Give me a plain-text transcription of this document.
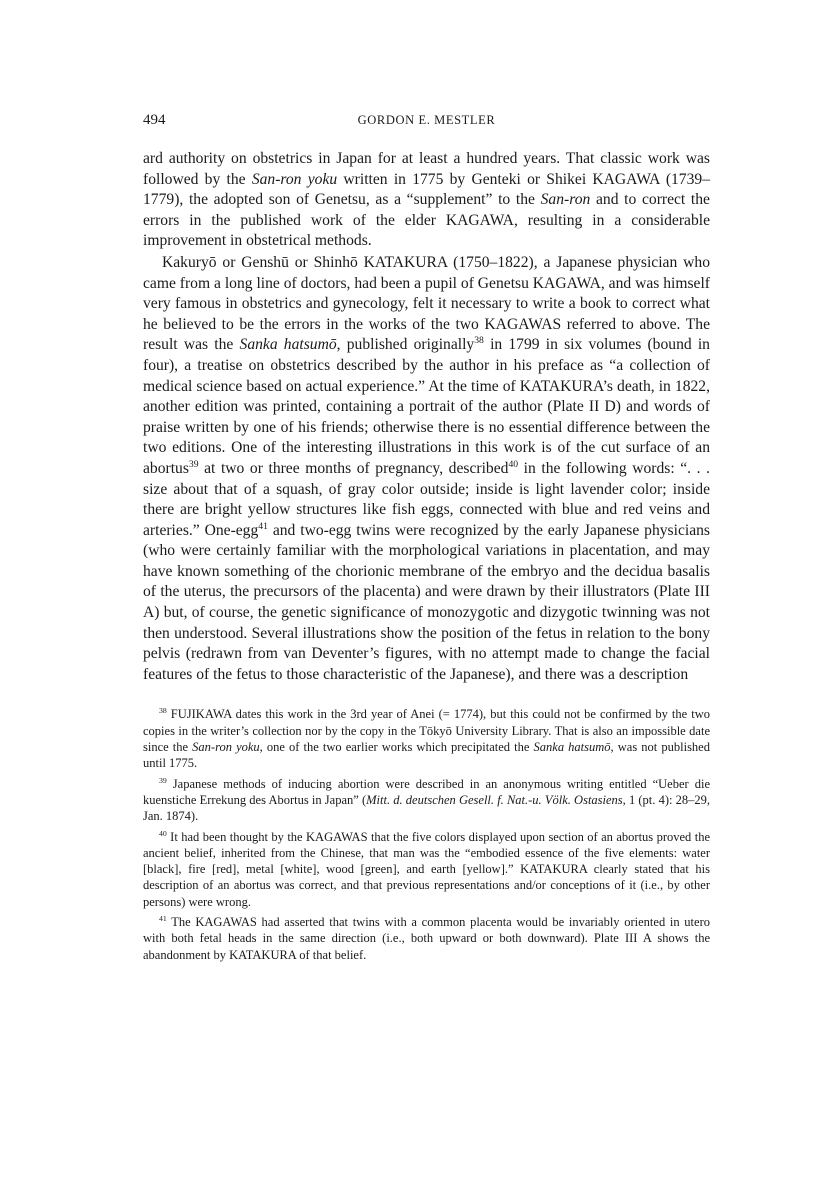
494	GORDON E. MESTLER

ard authority on obstetrics in Japan for at least a hundred years. That classic work was followed by the San-ron yoku written in 1775 by Genteki or Shikei KAGAWA (1739–1779), the adopted son of Genetsu, as a “supplement” to the San-ron and to correct the errors in the published work of the elder KAGAWA, resulting in a considerable improvement in obstetrical methods.

Kakuryō or Genshū or Shinhō KATAKURA (1750–1822), a Japanese physician who came from a long line of doctors, had been a pupil of Genetsu KAGAWA, and was himself very famous in obstetrics and gynecology, felt it necessary to write a book to correct what he believed to be the errors in the works of the two KAGAWAS referred to above. The result was the Sanka hatsumō, published originally$^{38}$ in 1799 in six volumes (bound in four), a treatise on obstetrics described by the author in his preface as “a collection of medical science based on actual experience.” At the time of KATAKURA’s death, in 1822, another edition was printed, containing a portrait of the author (Plate II D) and words of praise written by one of his friends; otherwise there is no essential difference between the two editions. One of the interesting illustrations in this work is of the cut surface of an abortus$^{39}$ at two or three months of pregnancy, described$^{40}$ in the following words: “. . . size about that of a squash, of gray color outside; inside is light lavender color; inside there are bright yellow structures like fish eggs, connected with blue and red veins and arteries.” One-egg$^{41}$ and two-egg twins were recognized by the early Japanese physicians (who were certainly familiar with the morphological variations in placentation, and may have known something of the chorionic membrane of the embryo and the decidua basalis of the uterus, the precursors of the placenta) and were drawn by their illustrators (Plate III A) but, of course, the genetic significance of monozygotic and dizygotic twinning was not then understood. Several illustrations show the position of the fetus in relation to the bony pelvis (redrawn from van Deventer’s figures, with no attempt made to change the facial features of the fetus to those characteristic of the Japanese), and there was a description

$^{38}$ FUJIKAWA dates this work in the 3rd year of Anei (= 1774), but this could not be confirmed by the two copies in the writer’s collection nor by the copy in the Tōkyō University Library. That is also an impossible date since the San-ron yoku, one of the two earlier works which precipitated the Sanka hatsumō, was not published until 1775.

$^{39}$ Japanese methods of inducing abortion were described in an anonymous writing entitled “Ueber die kuenstiche Errekung des Abortus in Japan” (Mitt. d. deutschen Gesell. f. Nat.-u. Völk. Ostasiens, 1 (pt. 4): 28–29, Jan. 1874).

$^{40}$ It had been thought by the KAGAWAS that the five colors displayed upon section of an abortus proved the ancient belief, inherited from the Chinese, that man was the “embodied essence of the five elements: water [black], fire [red], metal [white], wood [green], and earth [yellow].” KATAKURA clearly stated that his description of an abortus was correct, and that previous representations and/or conceptions of it (i.e., by other persons) were wrong.

$^{41}$ The KAGAWAS had asserted that twins with a common placenta would be invariably oriented in utero with both fetal heads in the same direction (i.e., both upward or both downward). Plate III A shows the abandonment by KATAKURA of that belief.
